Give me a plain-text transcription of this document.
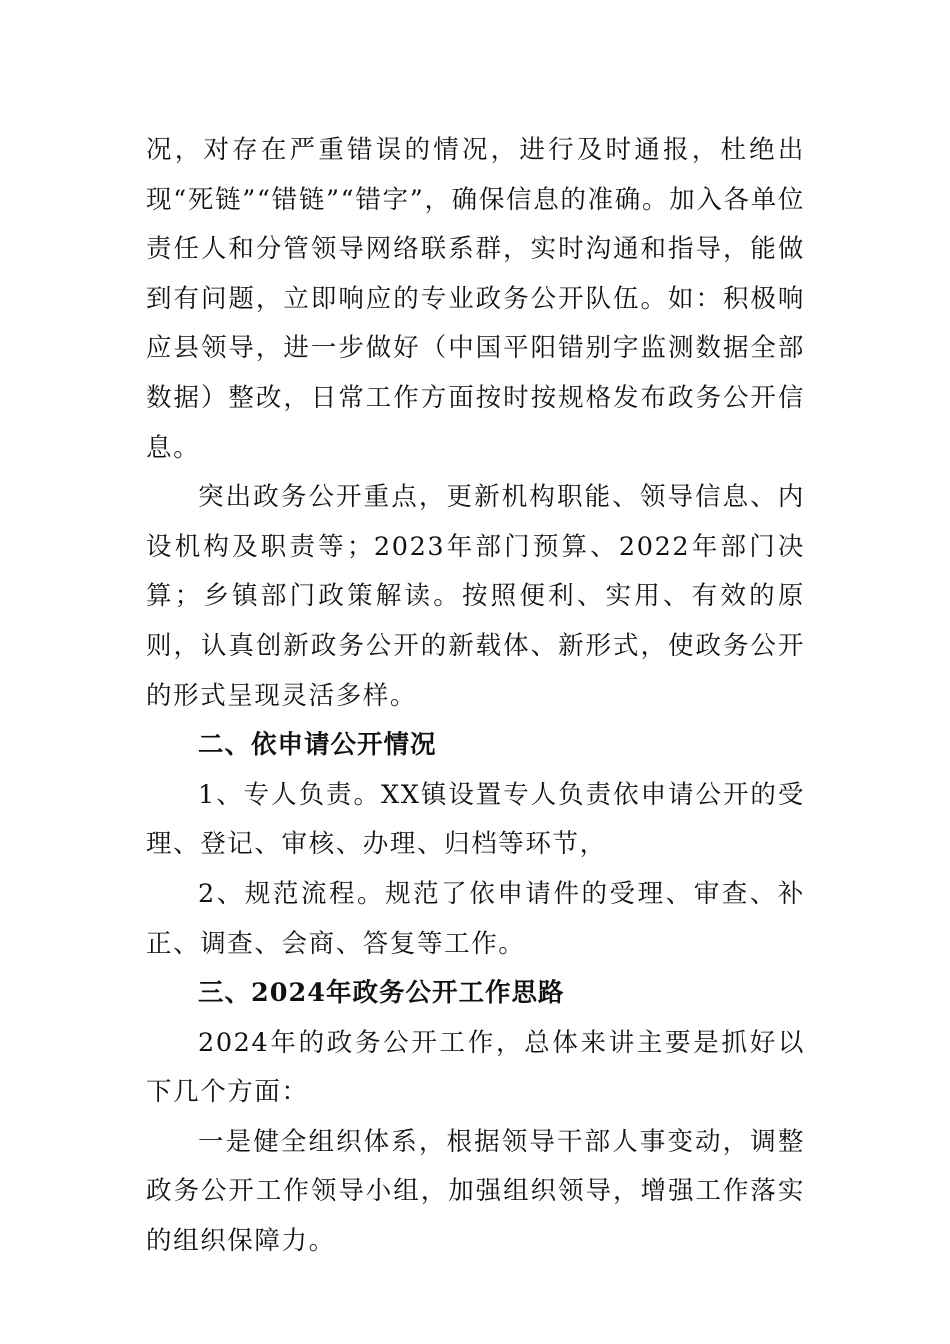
况，对存在严重错误的情况，进行及时通报，杜绝出现“死链”“错链”“错字”，确保信息的准确。加入各单位责任人和分管领导网络联系群，实时沟通和指导，能做到有问题，立即响应的专业政务公开队伍。如：积极响应县领导，进一步做好（中国平阳错别字监测数据全部数据）整改，日常工作方面按时按规格发布政务公开信息。

突出政务公开重点，更新机构职能、领导信息、内设机构及职责等；2023年部门预算、2022年部门决算；乡镇部门政策解读。按照便利、实用、有效的原则，认真创新政务公开的新载体、新形式，使政务公开的形式呈现灵活多样。

二、依申请公开情况

1、专人负责。XX镇设置专人负责依申请公开的受理、登记、审核、办理、归档等环节，

2、规范流程。规范了依申请件的受理、审查、补正、调查、会商、答复等工作。

三、2024年政务公开工作思路

2024年的政务公开工作，总体来讲主要是抓好以下几个方面：

一是健全组织体系，根据领导干部人事变动，调整政务公开工作领导小组，加强组织领导，增强工作落实的组织保障力。
